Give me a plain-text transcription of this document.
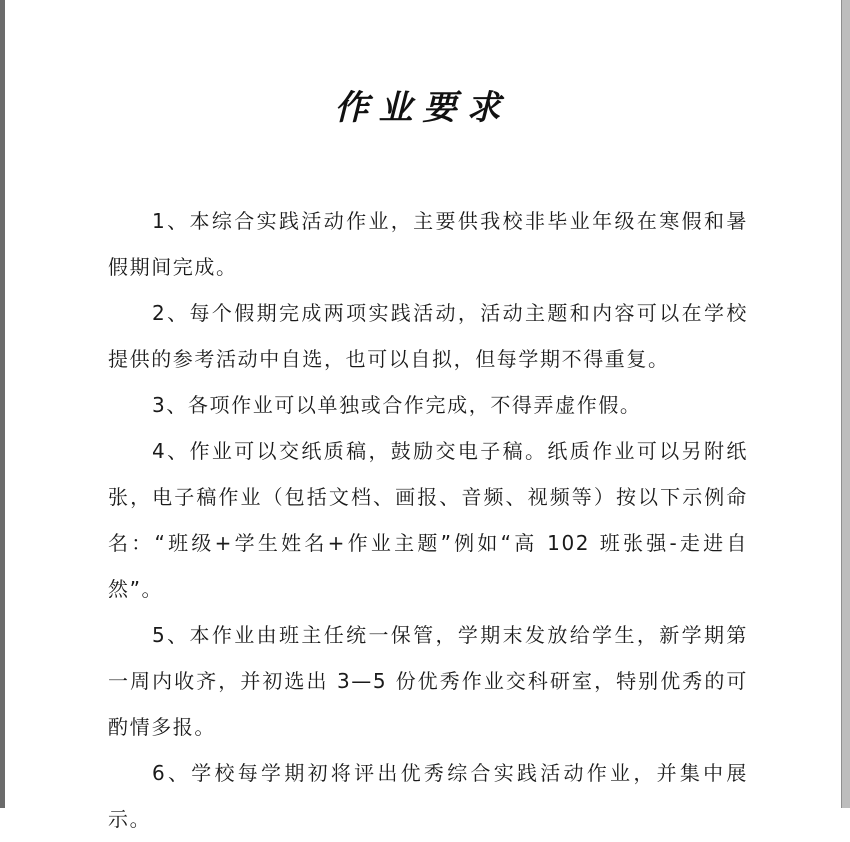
作业要求

1、本综合实践活动作业，主要供我校非毕业年级在寒假和暑假期间完成。

2、每个假期完成两项实践活动，活动主题和内容可以在学校提供的参考活动中自选，也可以自拟，但每学期不得重复。

3、各项作业可以单独或合作完成，不得弄虚作假。

4、作业可以交纸质稿，鼓励交电子稿。纸质作业可以另附纸张，电子稿作业（包括文档、画报、音频、视频等）按以下示例命名：“班级+学生姓名+作业主题”例如“高 102 班张强-走进自然”。

5、本作业由班主任统一保管，学期末发放给学生，新学期第一周内收齐，并初选出 3—5 份优秀作业交科研室，特别优秀的可酌情多报。

6、学校每学期初将评出优秀综合实践活动作业，并集中展示。
